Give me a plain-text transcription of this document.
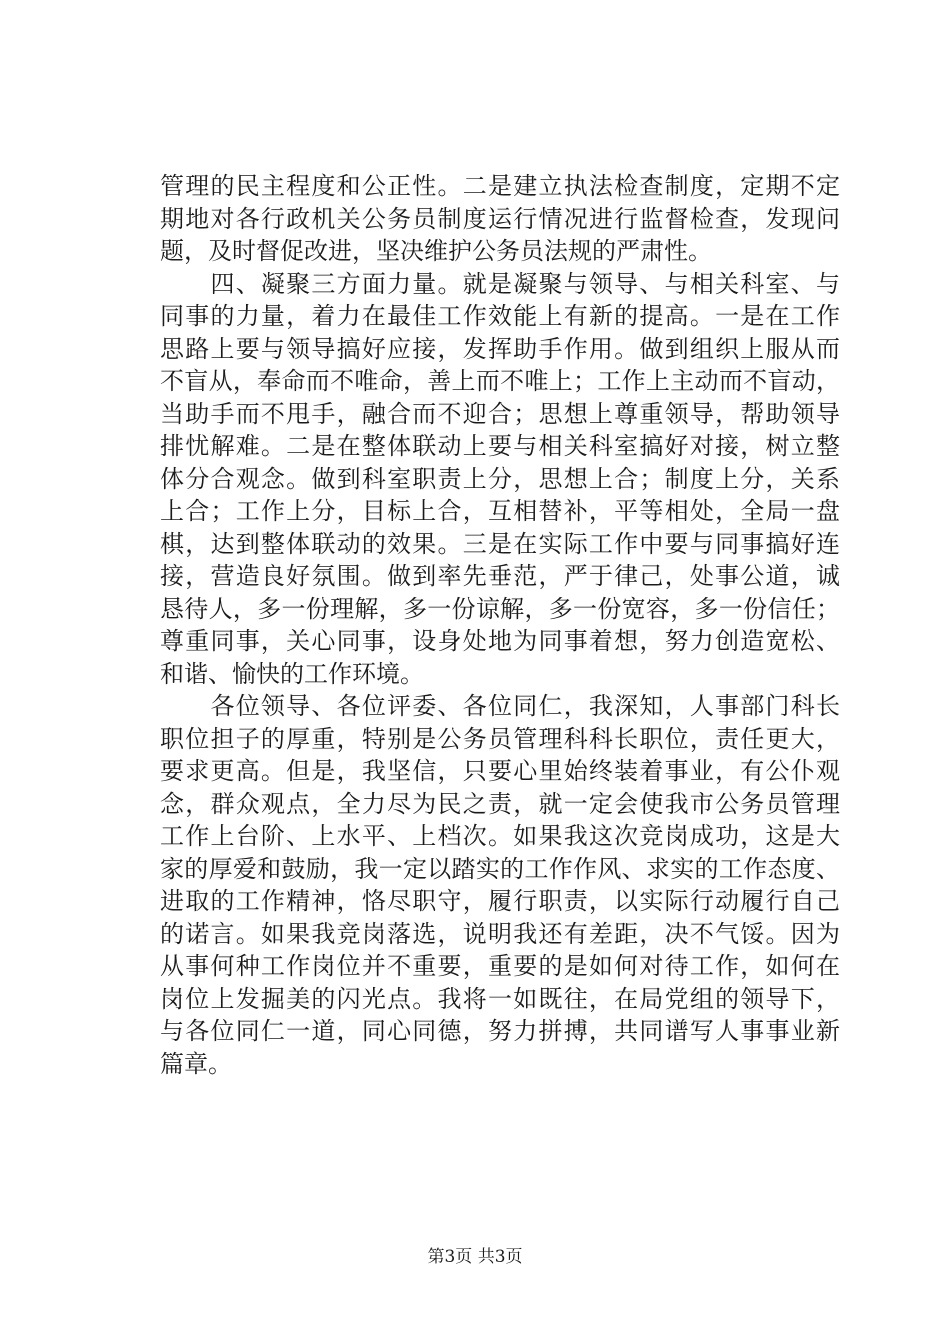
管理的民主程度和公正性。二是建立执法检查制度，定期不定
期地对各行政机关公务员制度运行情况进行监督检查，发现问
题，及时督促改进，坚决维护公务员法规的严肃性。
　　四、凝聚三方面力量。就是凝聚与领导、与相关科室、与
同事的力量，着力在最佳工作效能上有新的提高。一是在工作
思路上要与领导搞好应接，发挥助手作用。做到组织上服从而
不盲从，奉命而不唯命，善上而不唯上；工作上主动而不盲动，
当助手而不甩手，融合而不迎合；思想上尊重领导，帮助领导
排忧解难。二是在整体联动上要与相关科室搞好对接，树立整
体分合观念。做到科室职责上分，思想上合；制度上分，关系
上合；工作上分，目标上合，互相替补，平等相处，全局一盘
棋，达到整体联动的效果。三是在实际工作中要与同事搞好连
接，营造良好氛围。做到率先垂范，严于律己，处事公道，诚
恳待人，多一份理解，多一份谅解，多一份宽容，多一份信任；
尊重同事，关心同事，设身处地为同事着想，努力创造宽松、
和谐、愉快的工作环境。
　　各位领导、各位评委、各位同仁，我深知，人事部门科长
职位担子的厚重，特别是公务员管理科科长职位，责任更大，
要求更高。但是，我坚信，只要心里始终装着事业，有公仆观
念，群众观点，全力尽为民之责，就一定会使我市公务员管理
工作上台阶、上水平、上档次。如果我这次竞岗成功，这是大
家的厚爱和鼓励，我一定以踏实的工作作风、求实的工作态度、
进取的工作精神，恪尽职守，履行职责，以实际行动履行自己
的诺言。如果我竞岗落选，说明我还有差距，决不气馁。因为
从事何种工作岗位并不重要，重要的是如何对待工作，如何在
岗位上发掘美的闪光点。我将一如既往，在局党组的领导下，
与各位同仁一道，同心同德，努力拼搏，共同谱写人事事业新
篇章。
第3页 共3页
